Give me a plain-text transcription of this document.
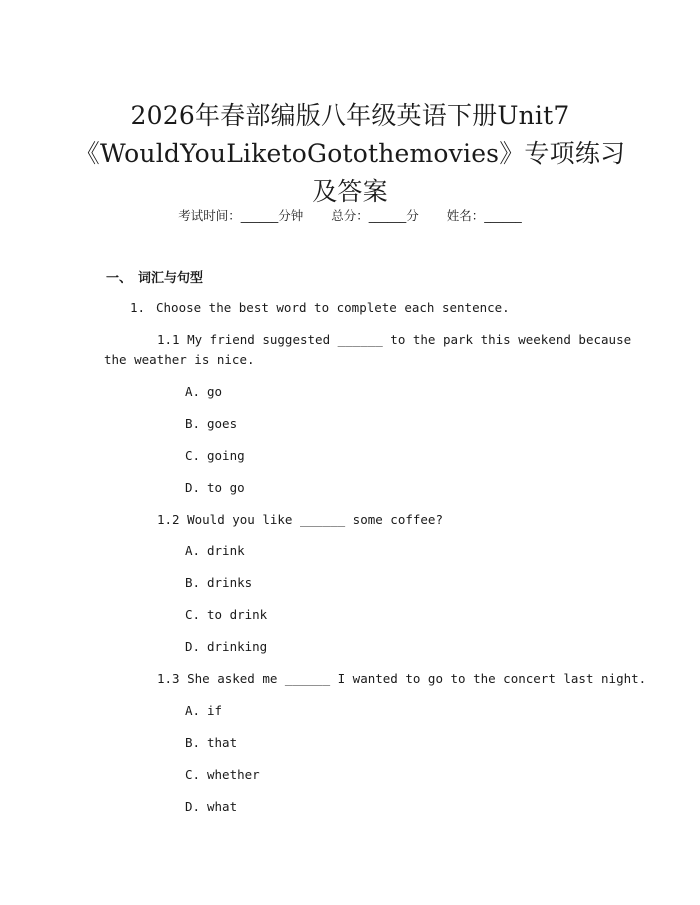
2026年春部编版八年级英语下册Unit7
《WouldYouLiketoGotothemovies》专项练习
及答案
考试时间：______分钟 总分：______分 姓名：______
一、 词汇与句型
1. Choose the best word to complete each sentence.
1.1 My friend suggested ______ to the park this weekend because
the weather is nice.
A. go
B. goes
C. going
D. to go
1.2 Would you like ______ some coffee?
A. drink
B. drinks
C. to drink
D. drinking
1.3 She asked me ______ I wanted to go to the concert last night.
A. if
B. that
C. whether
D. what
